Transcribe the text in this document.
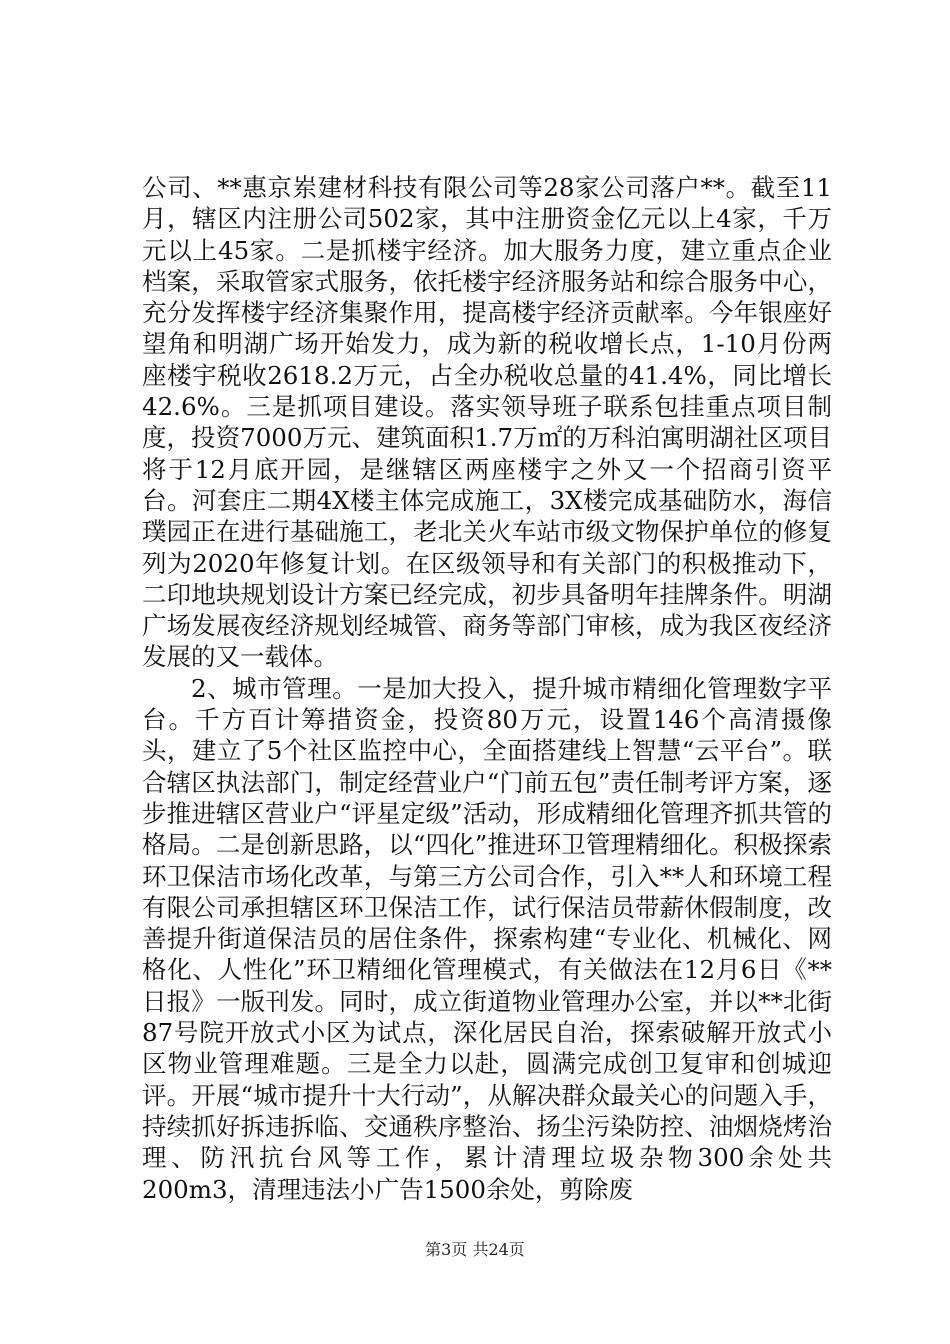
公司、**惠京岽建材科技有限公司等28家公司落户**。截至11月，辖区内注册公司502家，其中注册资金亿元以上4家，千万元以上45家。二是抓楼宇经济。加大服务力度，建立重点企业档案，采取管家式服务，依托楼宇经济服务站和综合服务中心，充分发挥楼宇经济集聚作用，提高楼宇经济贡献率。今年银座好望角和明湖广场开始发力，成为新的税收增长点，1-10月份两座楼宇税收2618.2万元，占全办税收总量的41.4%，同比增长42.6%。三是抓项目建设。落实领导班子联系包挂重点项目制度，投资7000万元、建筑面积1.7万㎡的万科泊寓明湖社区项目将于12月底开园，是继辖区两座楼宇之外又一个招商引资平台。河套庄二期4X楼主体完成施工，3X楼完成基础防水，海信璞园正在进行基础施工，老北关火车站市级文物保护单位的修复列为2020年修复计划。在区级领导和有关部门的积极推动下，二印地块规划设计方案已经完成，初步具备明年挂牌条件。明湖广场发展夜经济规划经城管、商务等部门审核，成为我区夜经济发展的又一载体。

2、城市管理。一是加大投入，提升城市精细化管理数字平台。千方百计筹措资金，投资80万元，设置146个高清摄像头，建立了5个社区监控中心，全面搭建线上智慧“云平台”。联合辖区执法部门，制定经营业户“门前五包”责任制考评方案，逐步推进辖区营业户“评星定级”活动，形成精细化管理齐抓共管的格局。二是创新思路，以“四化”推进环卫管理精细化。积极探索环卫保洁市场化改革，与第三方公司合作，引入**人和环境工程有限公司承担辖区环卫保洁工作，试行保洁员带薪休假制度，改善提升街道保洁员的居住条件，探索构建“专业化、机械化、网格化、人性化”环卫精细化管理模式，有关做法在12月6日《**日报》一版刊发。同时，成立街道物业管理办公室，并以**北街87号院开放式小区为试点，深化居民自治，探索破解开放式小区物业管理难题。三是全力以赴，圆满完成创卫复审和创城迎评。开展“城市提升十大行动”，从解决群众最关心的问题入手，持续抓好拆违拆临、交通秩序整治、扬尘污染防控、油烟烧烤治理、防汛抗台风等工作，累计清理垃圾杂物300余处共200m3，清理违法小广告1500余处，剪除废

第3页 共24页
